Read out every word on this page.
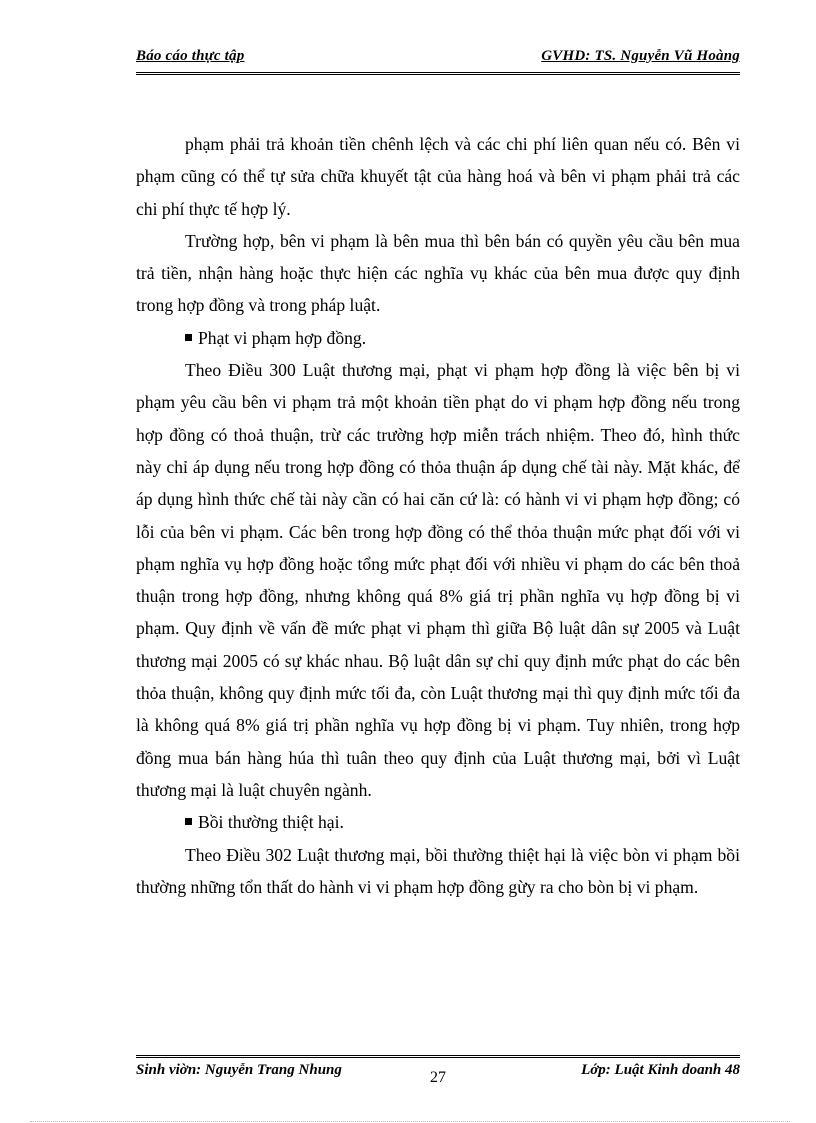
Báo cáo thực tập	GVHD: TS. Nguyễn Vũ Hoàng

phạm phải trả khoản tiền chênh lệch và các chi phí liên quan nếu có. Bên vi phạm cũng có thể tự sửa chữa khuyết tật của hàng hoá và bên vi phạm phải trả các chi phí thực tế hợp lý.

Trường hợp, bên vi phạm là bên mua thì bên bán có quyền yêu cầu bên mua trả tiền, nhận hàng hoặc thực hiện các nghĩa vụ khác của bên mua được quy định trong hợp đồng và trong pháp luật.

Phạt vi phạm hợp đồng.

Theo Điều 300 Luật thương mại, phạt vi phạm hợp đồng là việc bên bị vi phạm yêu cầu bên vi phạm trả một khoản tiền phạt do vi phạm hợp đồng nếu trong hợp đồng có thoả thuận, trừ các trường hợp miễn trách nhiệm. Theo đó, hình thức này chỉ áp dụng nếu trong hợp đồng có thỏa thuận áp dụng chế tài này. Mặt khác, để áp dụng hình thức chế tài này cần có hai căn cứ là: có hành vi vi phạm hợp đồng; có lỗi của bên vi phạm. Các bên trong hợp đồng có thể thỏa thuận mức phạt đối với vi phạm nghĩa vụ hợp đồng hoặc tổng mức phạt đối với nhiều vi phạm do các bên thoả thuận trong hợp đồng, nhưng không quá 8% giá trị phần nghĩa vụ hợp đồng bị vi phạm. Quy định về vấn đề mức phạt vi phạm thì giữa Bộ luật dân sự 2005 và Luật thương mại 2005 có sự khác nhau. Bộ luật dân sự chỉ quy định mức phạt do các bên thỏa thuận, không quy định mức tối đa, còn Luật thương mại thì quy định mức tối đa là không quá 8% giá trị phần nghĩa vụ hợp đồng bị vi phạm. Tuy nhiên, trong hợp đồng mua bán hàng húa thì tuân theo quy định của Luật thương mại, bởi vì Luật thương mại là luật chuyên ngành.

Bồi thường thiệt hại.

Theo Điều 302 Luật thương mại, bồi thường thiệt hại là việc bòn vi phạm bồi thường những tổn thất do hành vi vi phạm hợp đồng gừy ra cho bòn bị vi phạm.

Sinh viờn: Nguyễn Trang Nhung	27	Lớp: Luật Kinh doanh 48
